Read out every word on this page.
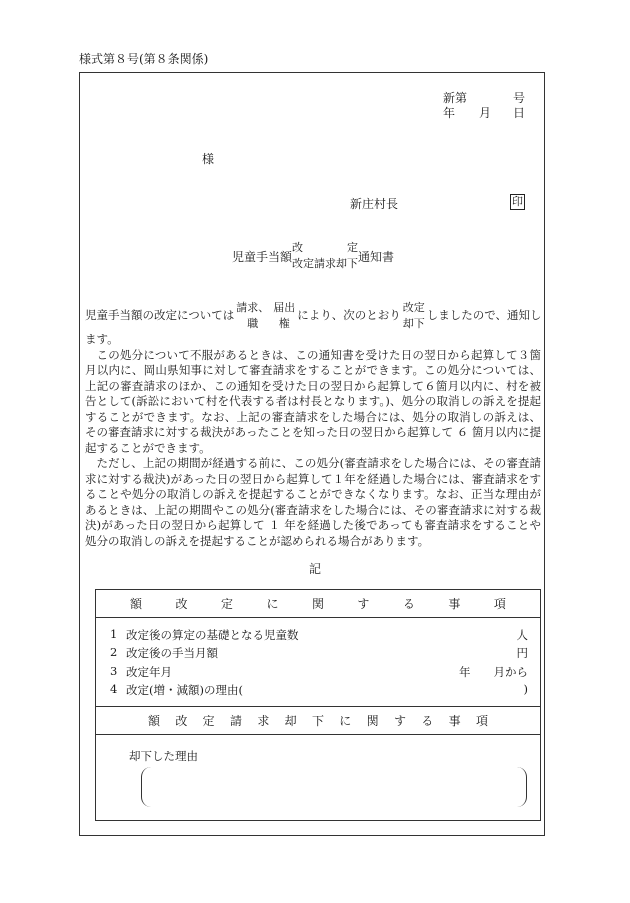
様式第８号(第８条関係)
新第	号
年 月 日
様
新庄村長	印
児童手当額
改	定
改定請求却下 通知書
児童手当額の改定については
請求、
職
届出
権
により、次のとおり
改定
却下
しましたので、通知し
ます。

この処分について不服があるときは、この通知書を受けた日の翌日から起算して３箇月以内に、岡山県知事に対して審査請求をすることができます。この処分については、上記の審査請求のほか、この通知を受けた日の翌日から起算して６箇月以内に、村を被告として(訴訟において村を代表する者は村長となります。)、処分の取消しの訴えを提起することができます。なお、上記の審査請求をした場合には、処分の取消しの訴えは、その審査請求に対する裁決があったことを知った日の翌日から起算して ６ 箇月以内に提起することができます。

ただし、上記の期間が経過する前に、この処分(審査請求をした場合には、その審査請求に対する裁決)があった日の翌日から起算して１年を経過した場合には、審査請求をすることや処分の取消しの訴えを提起することができなくなります。なお、正当な理由があるときは、上記の期間やこの処分(審査請求をした場合には、その審査請求に対する裁決)があった日の翌日から起算して １ 年を経過した後であっても審査請求をすることや処分の取消しの訴えを提起することが認められる場合があります。

記
額	改	定	に	関	す	る	事	項
1 改定後の算定の基礎となる児童数	人
2 改定後の手当月額	円
3 改定年月	年　　月から
4 改定(増・減額)の理由(	)
額 改 定 請 求 却 下 に 関 す る 事 項
却下した理由
